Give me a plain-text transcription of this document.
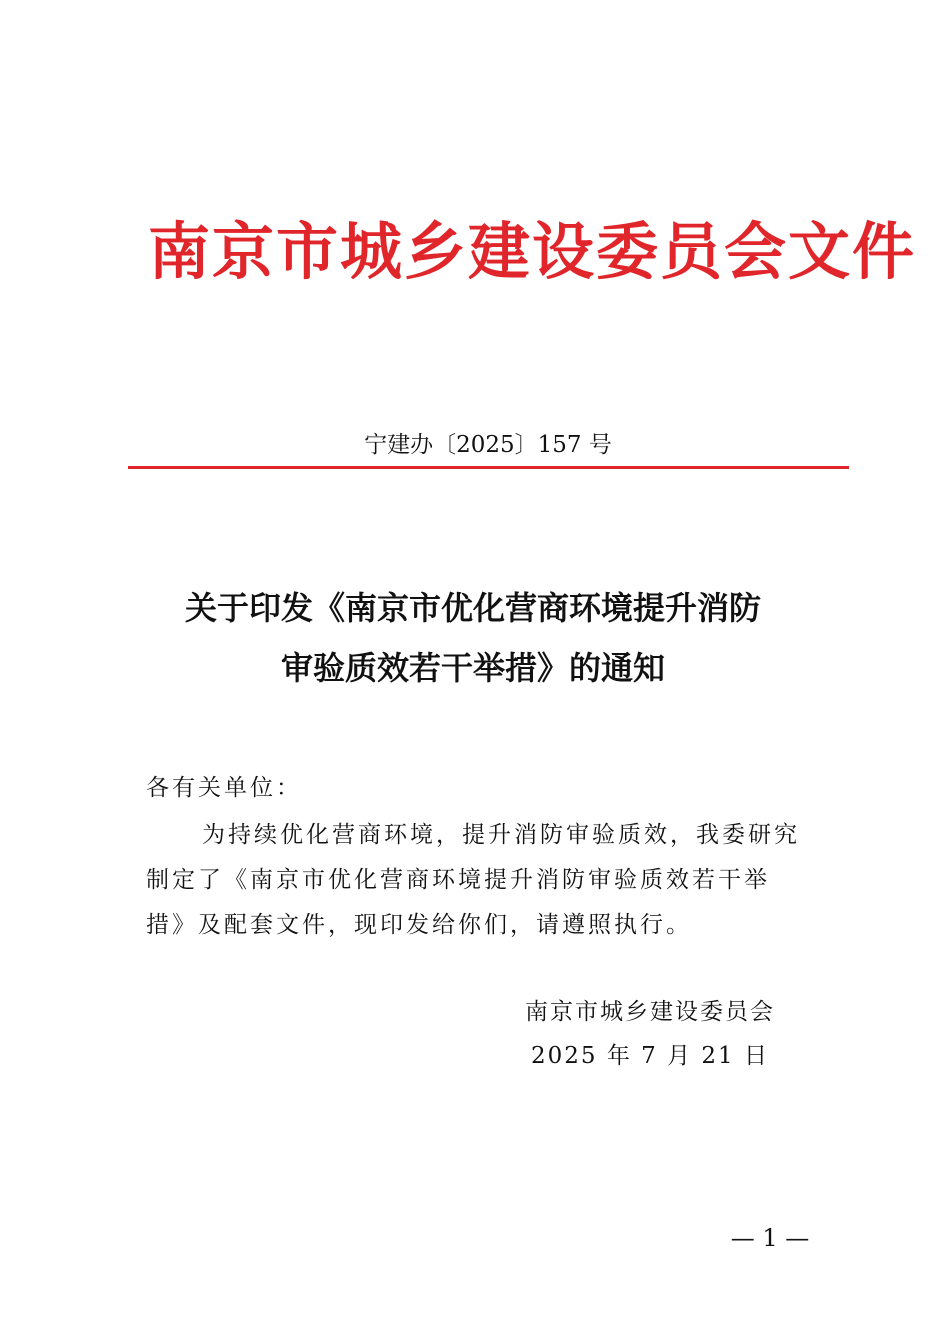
南京市城乡建设委员会文件
宁建办〔2025〕157 号
关于印发《南京市优化营商环境提升消防
审验质效若干举措》的通知
各有关单位：
为持续优化营商环境，提升消防审验质效，我委研究
制定了《南京市优化营商环境提升消防审验质效若干举
措》及配套文件，现印发给你们，请遵照执行。
南京市城乡建设委员会
2025 年 7 月 21 日
— 1 —
